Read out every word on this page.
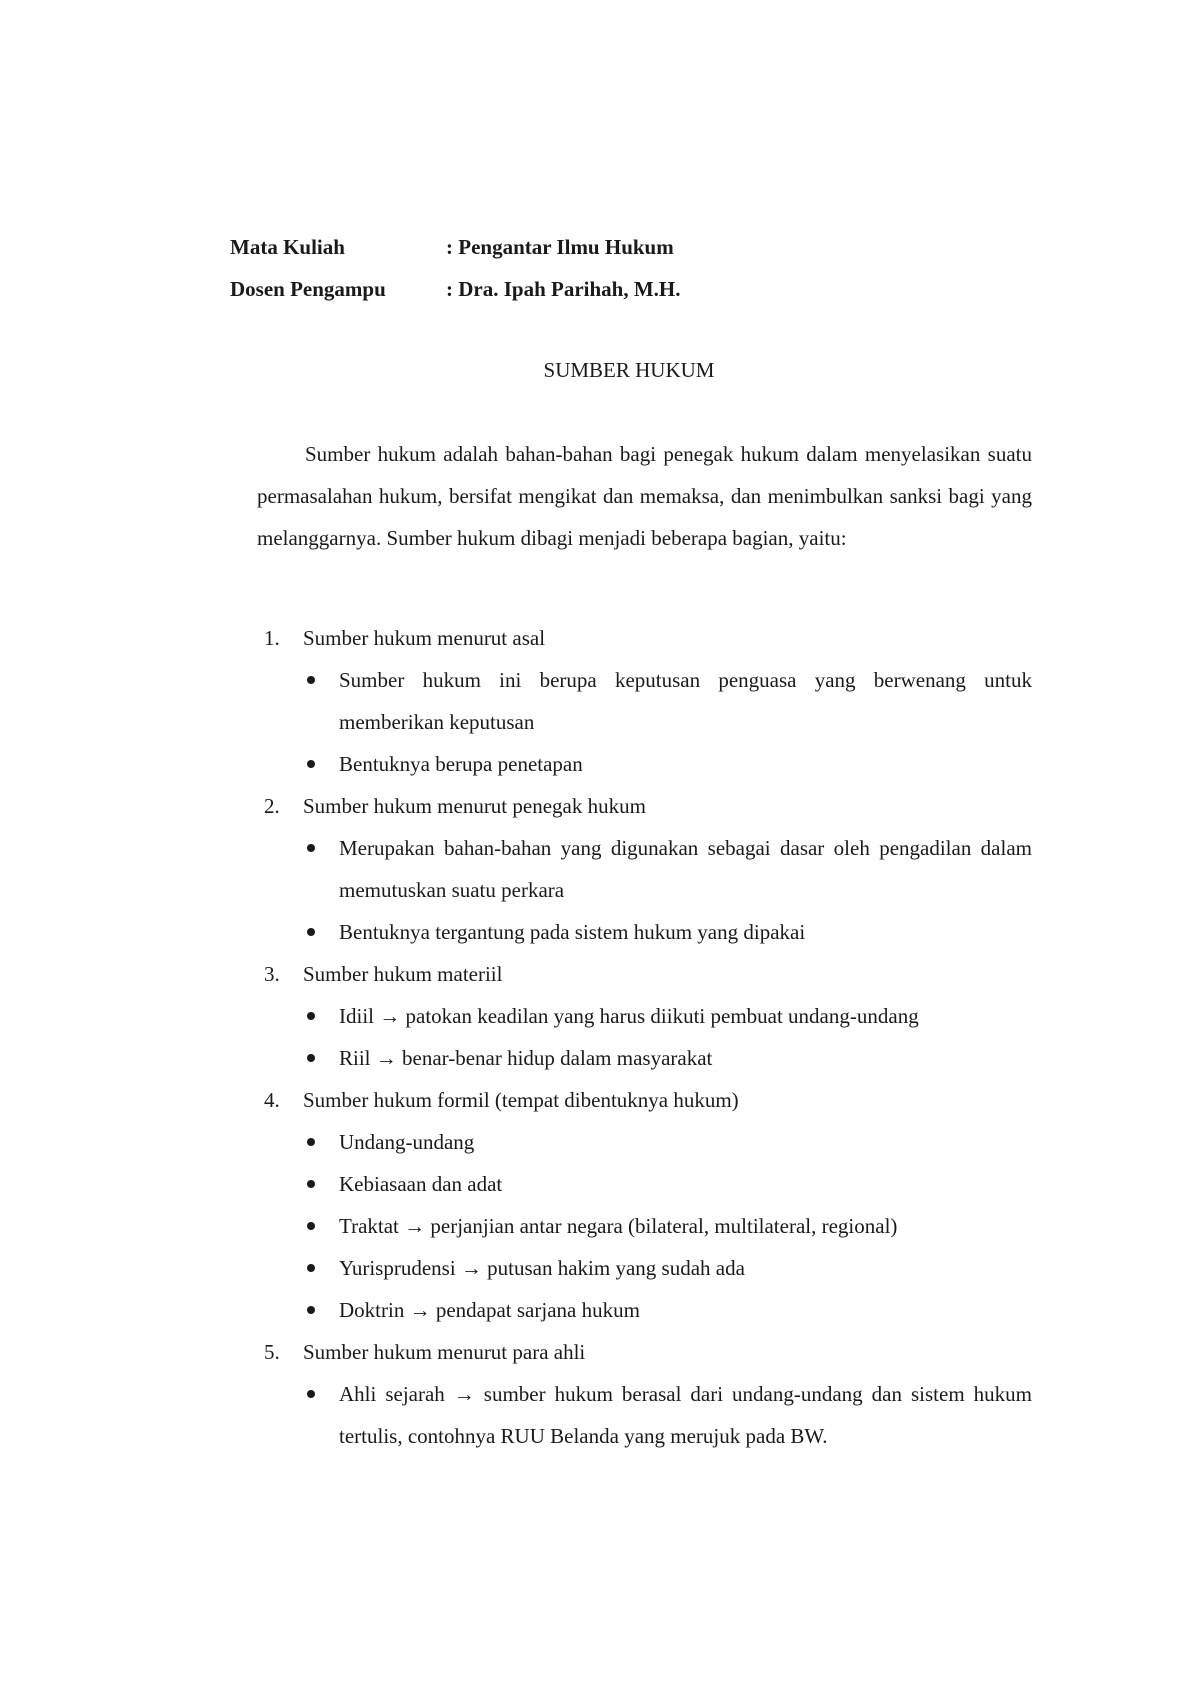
Mata Kuliah	: Pengantar Ilmu Hukum
Dosen Pengampu	: Dra. Ipah Parihah, M.H.
SUMBER HUKUM

Sumber hukum adalah bahan-bahan bagi penegak hukum dalam menyelasikan suatu permasalahan hukum, bersifat mengikat dan memaksa, dan menimbulkan sanksi bagi yang melanggarnya. Sumber hukum dibagi menjadi beberapa bagian, yaitu:

1. Sumber hukum menurut asal
Sumber hukum ini berupa keputusan penguasa yang berwenang untuk memberikan keputusan
Bentuknya berupa penetapan
2. Sumber hukum menurut penegak hukum
Merupakan bahan-bahan yang digunakan sebagai dasar oleh pengadilan dalam memutuskan suatu perkara
Bentuknya tergantung pada sistem hukum yang dipakai
3. Sumber hukum materiil
Idiil → patokan keadilan yang harus diikuti pembuat undang-undang
Riil → benar-benar hidup dalam masyarakat
4. Sumber hukum formil (tempat dibentuknya hukum)
Undang-undang
Kebiasaan dan adat
Traktat → perjanjian antar negara (bilateral, multilateral, regional)
Yurisprudensi → putusan hakim yang sudah ada
Doktrin → pendapat sarjana hukum
5. Sumber hukum menurut para ahli
Ahli sejarah → sumber hukum berasal dari undang-undang dan sistem hukum tertulis, contohnya RUU Belanda yang merujuk pada BW.
